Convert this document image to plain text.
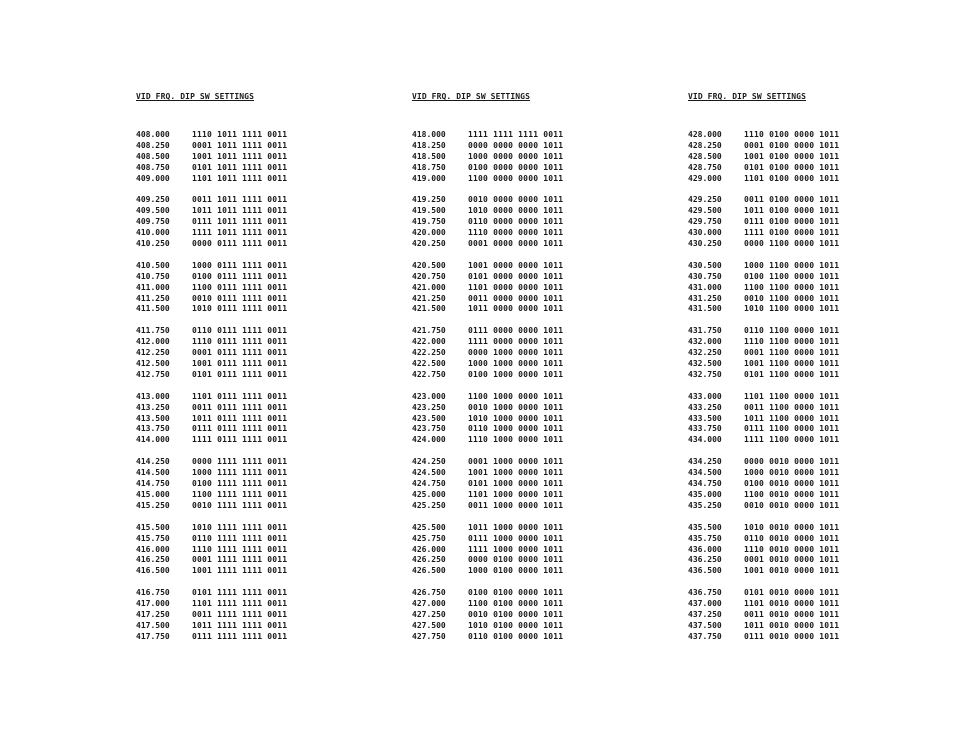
VID FRQ. DIP SW SETTINGS
408.000	1110 1011 1111 0011
408.250	0001 1011 1111 0011
408.500	1001 1011 1111 0011
408.750	0101 1011 1111 0011
409.000	1101 1011 1111 0011
409.250	0011 1011 1111 0011
409.500	1011 1011 1111 0011
409.750	0111 1011 1111 0011
410.000	1111 1011 1111 0011
410.250	0000 0111 1111 0011
410.500	1000 0111 1111 0011
410.750	0100 0111 1111 0011
411.000	1100 0111 1111 0011
411.250	0010 0111 1111 0011
411.500	1010 0111 1111 0011
411.750	0110 0111 1111 0011
412.000	1110 0111 1111 0011
412.250	0001 0111 1111 0011
412.500	1001 0111 1111 0011
412.750	0101 0111 1111 0011
413.000	1101 0111 1111 0011
413.250	0011 0111 1111 0011
413.500	1011 0111 1111 0011
413.750	0111 0111 1111 0011
414.000	1111 0111 1111 0011
414.250	0000 1111 1111 0011
414.500	1000 1111 1111 0011
414.750	0100 1111 1111 0011
415.000	1100 1111 1111 0011
415.250	0010 1111 1111 0011
415.500	1010 1111 1111 0011
415.750	0110 1111 1111 0011
416.000	1110 1111 1111 0011
416.250	0001 1111 1111 0011
416.500	1001 1111 1111 0011
416.750	0101 1111 1111 0011
417.000	1101 1111 1111 0011
417.250	0011 1111 1111 0011
417.500	1011 1111 1111 0011
417.750	0111 1111 1111 0011
VID FRQ. DIP SW SETTINGS
418.000	1111 1111 1111 0011
418.250	0000 0000 0000 1011
418.500	1000 0000 0000 1011
418.750	0100 0000 0000 1011
419.000	1100 0000 0000 1011
419.250	0010 0000 0000 1011
419.500	1010 0000 0000 1011
419.750	0110 0000 0000 1011
420.000	1110 0000 0000 1011
420.250	0001 0000 0000 1011
420.500	1001 0000 0000 1011
420.750	0101 0000 0000 1011
421.000	1101 0000 0000 1011
421.250	0011 0000 0000 1011
421.500	1011 0000 0000 1011
421.750	0111 0000 0000 1011
422.000	1111 0000 0000 1011
422.250	0000 1000 0000 1011
422.500	1000 1000 0000 1011
422.750	0100 1000 0000 1011
423.000	1100 1000 0000 1011
423.250	0010 1000 0000 1011
423.500	1010 1000 0000 1011
423.750	0110 1000 0000 1011
424.000	1110 1000 0000 1011
424.250	0001 1000 0000 1011
424.500	1001 1000 0000 1011
424.750	0101 1000 0000 1011
425.000	1101 1000 0000 1011
425.250	0011 1000 0000 1011
425.500	1011 1000 0000 1011
425.750	0111 1000 0000 1011
426.000	1111 1000 0000 1011
426.250	0000 0100 0000 1011
426.500	1000 0100 0000 1011
426.750	0100 0100 0000 1011
427.000	1100 0100 0000 1011
427.250	0010 0100 0000 1011
427.500	1010 0100 0000 1011
427.750	0110 0100 0000 1011
VID FRQ. DIP SW SETTINGS
428.000	1110 0100 0000 1011
428.250	0001 0100 0000 1011
428.500	1001 0100 0000 1011
428.750	0101 0100 0000 1011
429.000	1101 0100 0000 1011
429.250	0011 0100 0000 1011
429.500	1011 0100 0000 1011
429.750	0111 0100 0000 1011
430.000	1111 0100 0000 1011
430.250	0000 1100 0000 1011
430.500	1000 1100 0000 1011
430.750	0100 1100 0000 1011
431.000	1100 1100 0000 1011
431.250	0010 1100 0000 1011
431.500	1010 1100 0000 1011
431.750	0110 1100 0000 1011
432.000	1110 1100 0000 1011
432.250	0001 1100 0000 1011
432.500	1001 1100 0000 1011
432.750	0101 1100 0000 1011
433.000	1101 1100 0000 1011
433.250	0011 1100 0000 1011
433.500	1011 1100 0000 1011
433.750	0111 1100 0000 1011
434.000	1111 1100 0000 1011
434.250	0000 0010 0000 1011
434.500	1000 0010 0000 1011
434.750	0100 0010 0000 1011
435.000	1100 0010 0000 1011
435.250	0010 0010 0000 1011
435.500	1010 0010 0000 1011
435.750	0110 0010 0000 1011
436.000	1110 0010 0000 1011
436.250	0001 0010 0000 1011
436.500	1001 0010 0000 1011
436.750	0101 0010 0000 1011
437.000	1101 0010 0000 1011
437.250	0011 0010 0000 1011
437.500	1011 0010 0000 1011
437.750	0111 0010 0000 1011
